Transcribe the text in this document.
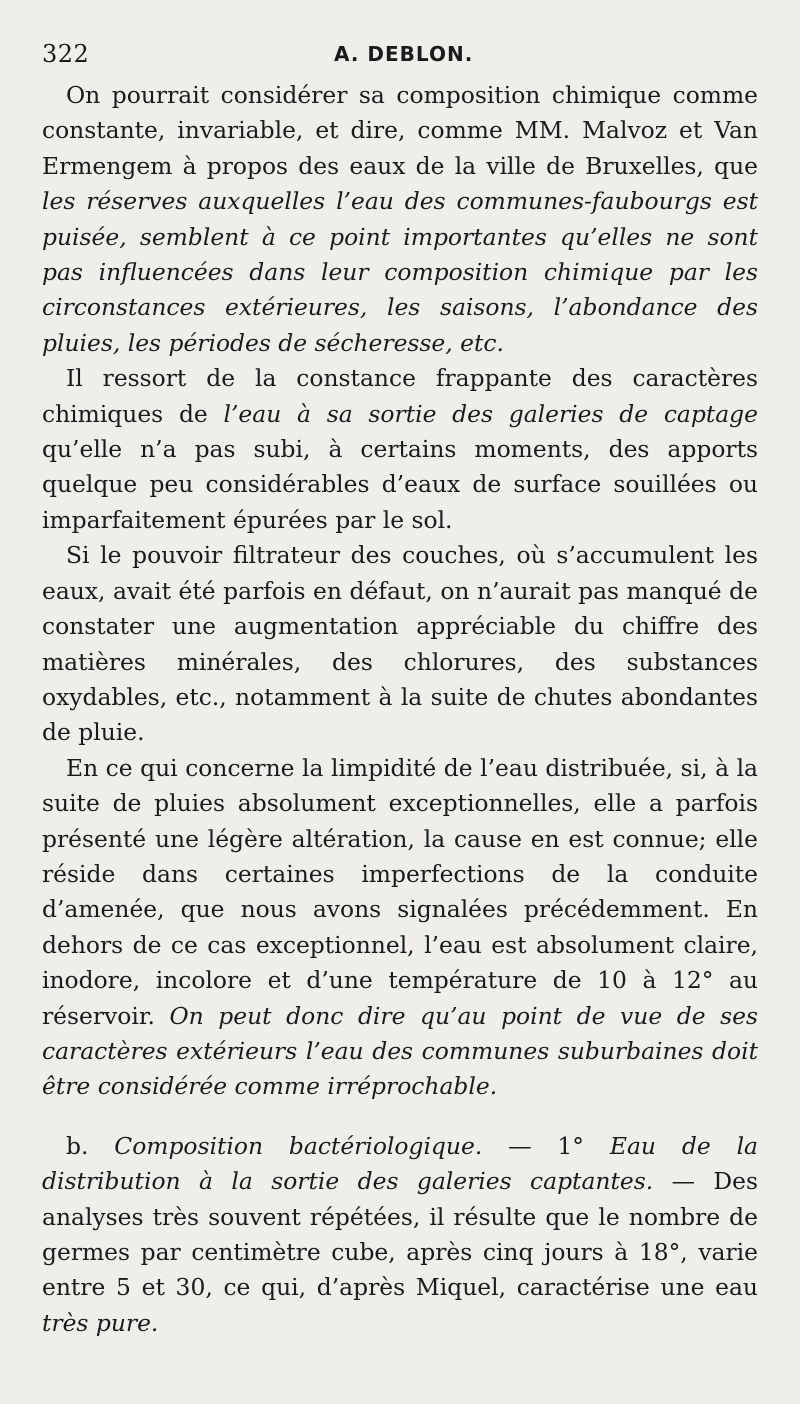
322	A. DEBLON.

On pourrait considérer sa composition chimique comme constante, invariable, et dire, comme MM. Malvoz et Van Ermengem à propos des eaux de la ville de Bruxelles, que les réserves auxquelles l’eau des communes-faubourgs est puisée, semblent à ce point importantes qu’elles ne sont pas influencées dans leur composition chimique par les circonstances extérieures, les saisons, l’abondance des pluies, les périodes de sécheresse, etc.

Il ressort de la constance frappante des caractères chimiques de l’eau à sa sortie des galeries de captage qu’elle n’a pas subi, à certains moments, des apports quelque peu considérables d’eaux de surface souillées ou imparfaitement épurées par le sol.

Si le pouvoir filtrateur des couches, où s’accumulent les eaux, avait été parfois en défaut, on n’aurait pas manqué de constater une augmentation appréciable du chiffre des matières minérales, des chlorures, des substances oxydables, etc., notamment à la suite de chutes abondantes de pluie.

En ce qui concerne la limpidité de l’eau distribuée, si, à la suite de pluies absolument exceptionnelles, elle a parfois présenté une légère altération, la cause en est connue; elle réside dans certaines imperfections de la conduite d’amenée, que nous avons signalées précédemment. En dehors de ce cas exceptionnel, l’eau est absolument claire, inodore, incolore et d’une température de 10 à 12° au réservoir. On peut donc dire qu’au point de vue de ses caractères extérieurs l’eau des communes suburbaines doit être considérée comme irréprochable.

b. Composition bactériologique. — 1° Eau de la distribution à la sortie des galeries captantes. — Des analyses très souvent répétées, il résulte que le nombre de germes par centimètre cube, après cinq jours à 18°, varie entre 5 et 30, ce qui, d’après Miquel, caractérise une eau très pure.
